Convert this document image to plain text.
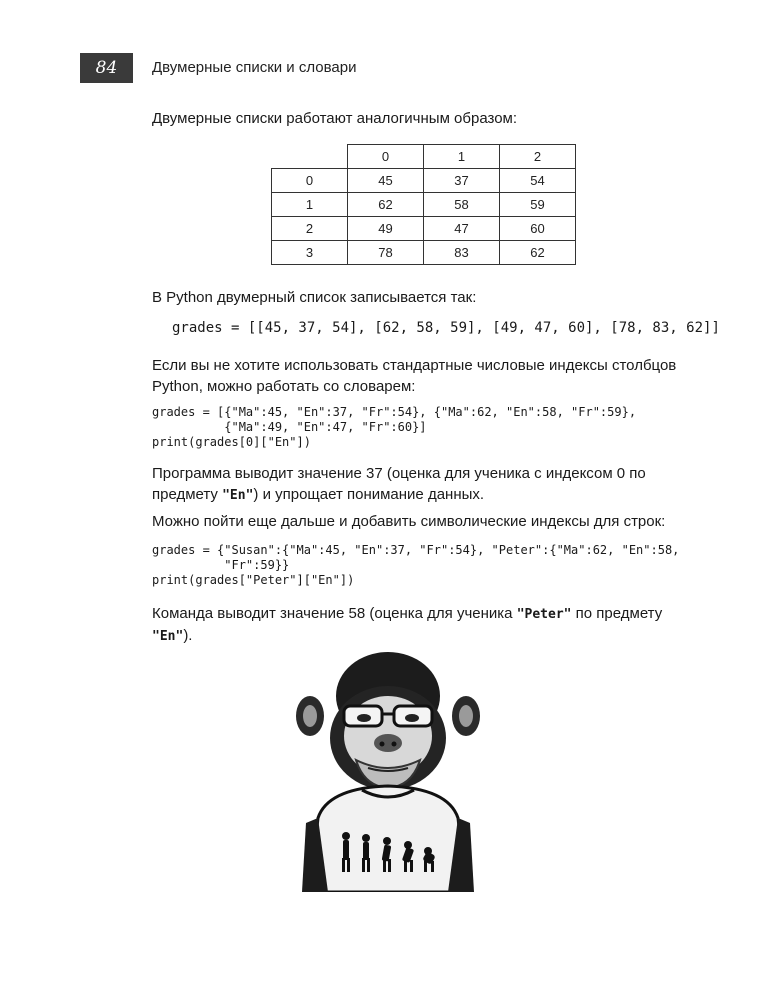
84	Двумерные списки и словари
Двумерные списки работают аналогичным образом:
	0	1	2
0	45	37	54
1	62	58	59
2	49	47	60
3	78	83	62
В Python двумерный список записывается так:
grades = [[45, 37, 54], [62, 58, 59], [49, 47, 60], [78, 83, 62]]
Если вы не хотите использовать стандартные числовые индексы столбцов Python, можно работать со словарем:
grades = [{"Ma":45, "En":37, "Fr":54}, {"Ma":62, "En":58, "Fr":59},
{"Ma":49, "En":47, "Fr":60}]
print(grades[0]["En"])
Программа выводит значение 37 (оценка для ученика с индексом 0 по предмету "En") и упрощает понимание данных.
Можно пойти еще дальше и добавить символические индексы для строк:
grades = {"Susan":{"Ma":45, "En":37, "Fr":54}, "Peter":{"Ma":62, "En":58,
"Fr":59}}
print(grades["Peter"]["En"])
Команда выводит значение 58 (оценка для ученика "Peter" по предмету "En").
